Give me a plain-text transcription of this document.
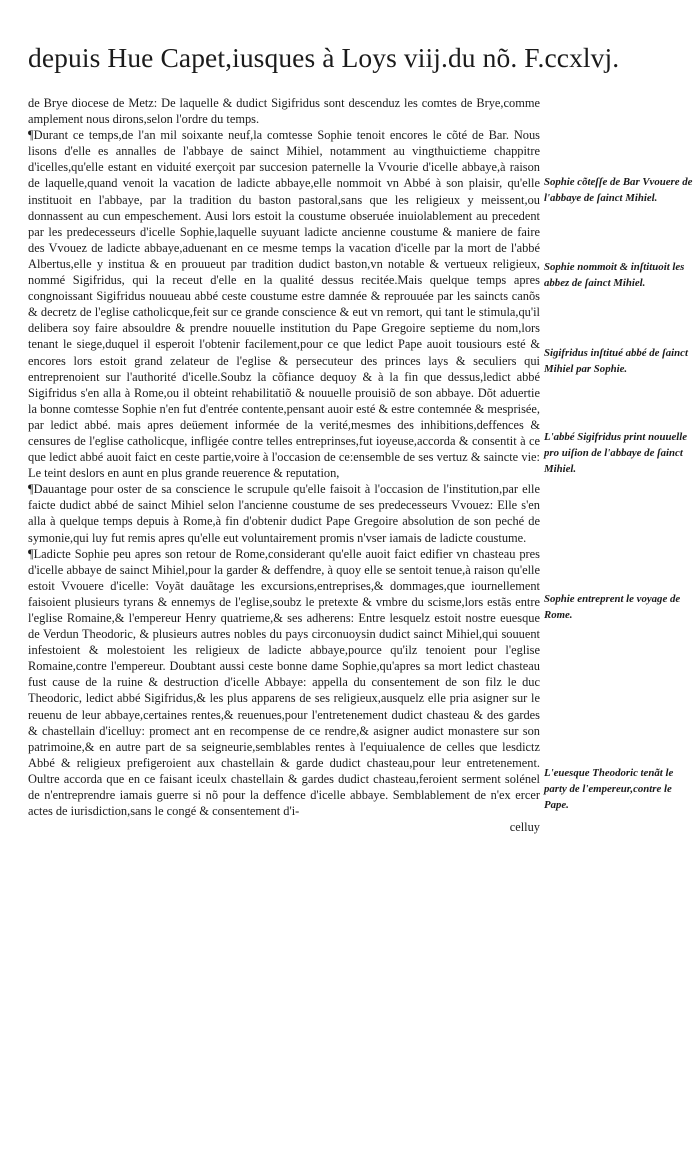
depuis Hue Capet,iusques à Loys viij.du nõ. F.ccxlvj.

de Brye diocese de Metz: De laquelle & dudict Sigifridus sont descenduz les comtes de Brye,comme amplement nous dirons,selon l'ordre du temps.

¶Durant ce temps,de l'an mil soixante neuf,la comtesse Sophie tenoit encores le cõté de Bar. Nous lisons d'elle es annalles de l'abbaye de sainct Mihiel, notamment au vingthuictieme chappitre d'icelles,qu'elle estant en viduité exerçoit par succesion paternelle la Vvourie d'icelle abbaye,à raison de laquelle,quand venoit la vacation de ladicte abbaye,elle nommoit vn Abbé à son plaisir, qu'elle instituoit en l'abbaye, par la tradition du baston pastoral,sans que les religieux y meissent,ou donnassent au cun empeschement. Ausi lors estoit la coustume obseruée inuiolablement au precedent par les predecesseurs d'icelle Sophie,laquelle suyuant ladicte ancienne coustume & maniere de faire des Vvouez de ladicte abbaye,aduenant en ce mesme temps la vacation d'icelle par la mort de l'abbé Albertus,elle y institua & en prouueut par tradition dudict baston,vn notable & vertueux religieux, nommé Sigifridus, qui la receut d'elle en la qualité dessus recitée.Mais quelque temps apres congnoissant Sigifridus nouueau abbé ceste coustume estre damnée & reprouuée par les saincts canõs & decretz de l'eglise catholicque,feit sur ce grande conscience & eut vn remort, qui tant le stimula,qu'il delibera soy faire absouldre & prendre nouuelle institution du Pape Gregoire septieme du nom,lors tenant le siege,duquel il esperoit l'obtenir facilement,pour ce que ledict Pape auoit tousiours esté & encores lors estoit grand zelateur de l'eglise & persecuteur des princes lays & seculiers qui entreprenoient sur l'authorité d'icelle.Soubz la cõfiance dequoy & à la fin que dessus,ledict abbé Sigifridus s'en alla à Rome,ou il obteint rehabilitatiõ & nouuelle prouisiõ de son abbaye. Dõt aduertie la bonne comtesse Sophie n'en fut d'entrée contente,pensant auoir esté & estre contemnée & mesprisée, par ledict abbé. mais apres deüement informée de la verité,mesmes des inhibitions,deffences & censures de l'eglise catholicque, infligée contre telles entreprinses,fut ioyeuse,accorda & consentit à ce que ledict abbé auoit faict en ceste partie,voire à l'occasion de ce:ensemble de ses vertuz & saincte vie: Le teint deslors en aunt en plus grande reuerence & reputation,

¶Dauantage pour oster de sa conscience le scrupule qu'elle faisoit à l'occasion de l'institution,par elle faicte dudict abbé de sainct Mihiel selon l'ancienne coustume de ses predecesseurs Vvouez: Elle s'en alla à quelque temps depuis à Rome,à fin d'obtenir dudict Pape Gregoire absolution de son peché de symonie,qui luy fut remis apres qu'elle eut voluntairement promis n'vser iamais de ladicte coustume.

¶Ladicte Sophie peu apres son retour de Rome,considerant qu'elle auoit faict edifier vn chasteau pres d'icelle abbaye de sainct Mihiel,pour la garder & deffendre, à quoy elle se sentoit tenue,à raison qu'elle estoit Vvouere d'icelle: Voyãt dauãtage les excursions,entreprises,& dommages,que iournellement faisoient plusieurs tyrans & ennemys de l'eglise,soubz le pretexte & vmbre du scisme,lors estãs entre l'eglise Romaine,& l'empereur Henry quatrieme,& ses adherens: Entre lesquelz estoit nostre euesque de Verdun Theodoric, & plusieurs autres nobles du pays circonuoysin dudict sainct Mihiel,qui souuent infestoient & molestoient les religieux de ladicte abbaye,pource qu'ilz tenoient pour l'eglise Romaine,contre l'empereur. Doubtant aussi ceste bonne dame Sophie,qu'apres sa mort ledict chasteau fust cause de la ruine & destruction d'icelle Abbaye: appella du consentement de son filz le duc Theodoric, ledict abbé Sigifridus,& les plus apparens de ses religieux,ausquelz elle pria asigner sur le reuenu de leur abbaye,certaines rentes,& reuenues,pour l'entretenement dudict chasteau & des gardes & chastellain d'icelluy: promect ant en recompense de ce rendre,& asigner audict monastere sur son patrimoine,& en autre part de sa seigneurie,semblables rentes à l'equiualence de celles que lesdictz Abbé & religieux prefigeroient aux chastellain & garde dudict chasteau,pour leur entretenement. Oultre accorda que en ce faisant iceulx chastellain & gardes dudict chasteau,feroient serment solénel de n'entreprendre iamais guerre si nõ pour la deffence d'icelle abbaye. Semblablement de n'ex ercer actes de iurisdiction,sans le congé & consentement d'i-

celluy

Sophie cõteſſe de Bar Vvouere de l'abbaye de ſainct Mihiel.
Sophie nommoit & inſtituoit les abbez de ſainct Mihiel.
Sigifridus inſtitué abbé de ſainct Mihiel par Sophie.
L'abbé Sigifridus print nouuelle pro uiſion de l'abbaye de ſainct Mihiel.
Sophie entreprent le voyage de Rome.
L'euesque Theodoric tenãt le party de l'empereur,contre le Pape.
